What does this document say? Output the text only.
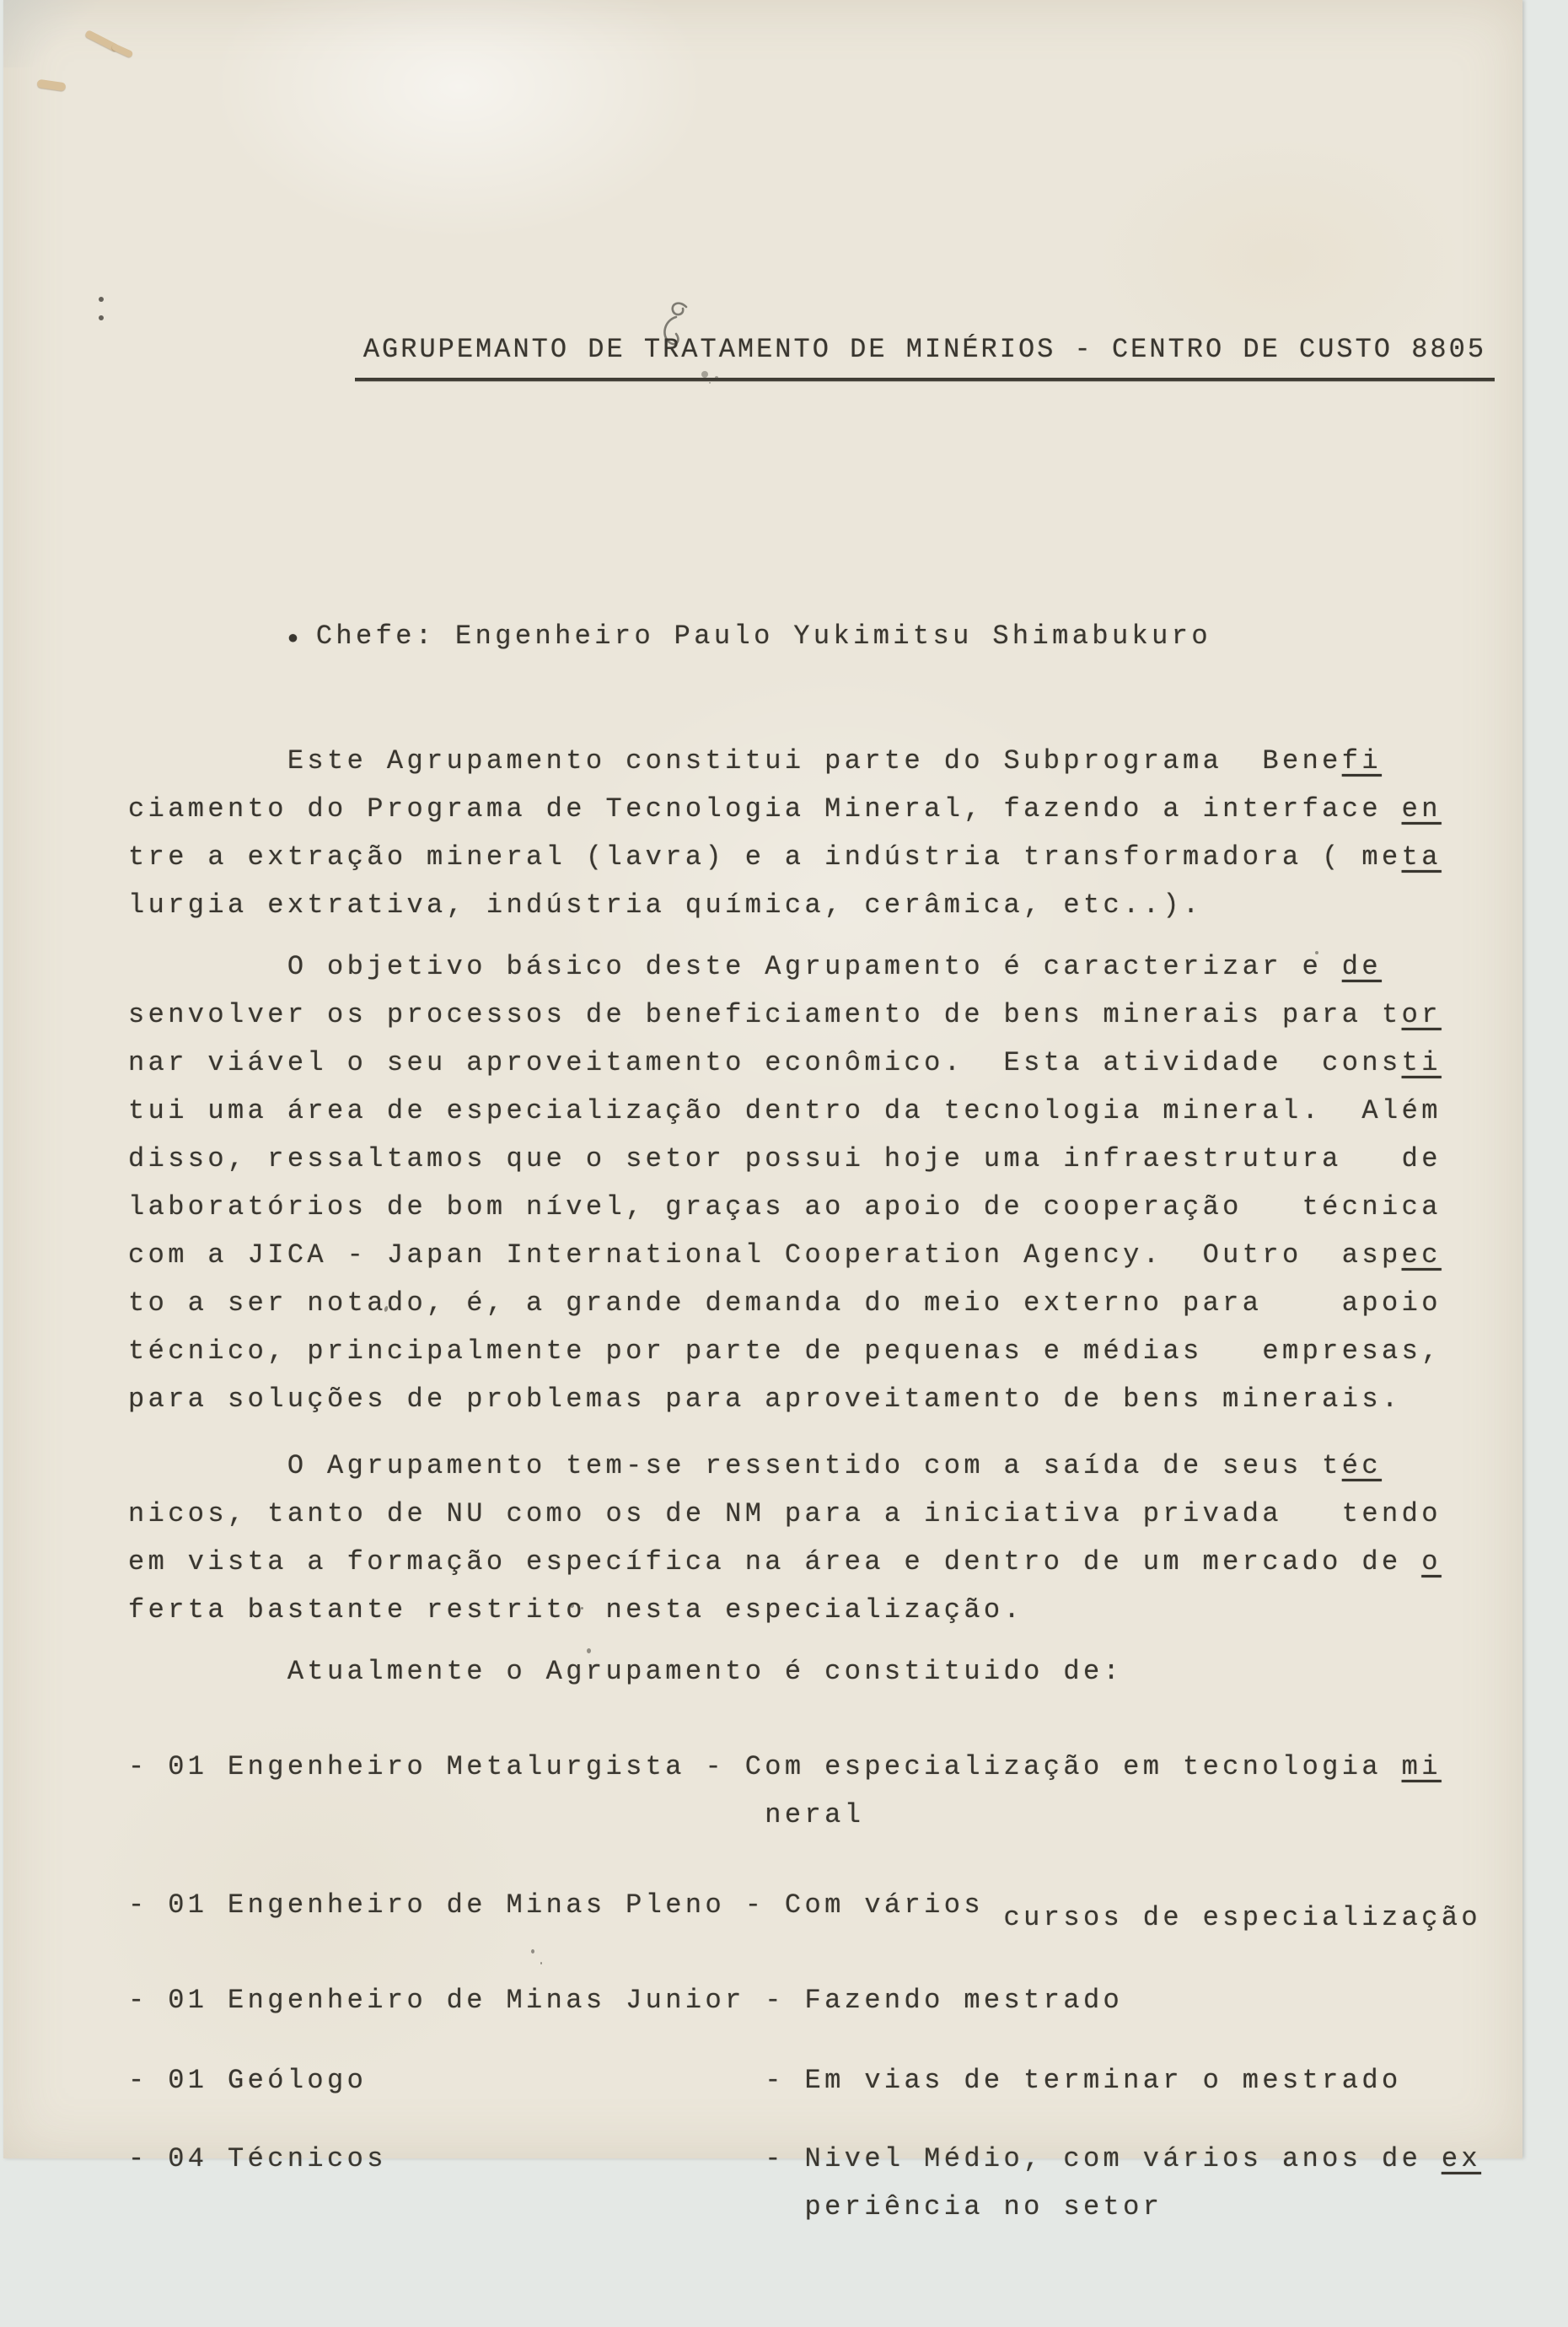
AGRUPEMANTO DE TRATAMENTO DE MINÉRIOS - CENTRO DE CUSTO 8805

● Chefe: Engenheiro Paulo Yukimitsu Shimabukuro

Este Agrupamento constitui parte do Subprograma  Benefi
ciamento do Programa de Tecnologia Mineral, fazendo a interface en
tre a extração mineral (lavra) e a indústria transformadora ( meta
lurgia extrativa, indústria química, cerâmica, etc..).
O objetivo básico deste Agrupamento é caracterizar e de
senvolver os processos de beneficiamento de bens minerais para tor
nar viável o seu aproveitamento econômico.  Esta atividade  consti
tui uma área de especialização dentro da tecnologia mineral.  Além
disso, ressaltamos que o setor possui hoje uma infraestrutura   de
laboratórios de bom nível, graças ao apoio de cooperação   técnica
com a JICA - Japan International Cooperation Agency.  Outro  aspec
to a ser notado, é, a grande demanda do meio externo para    apoio
técnico, principalmente por parte de pequenas e médias   empresas,
para soluções de problemas para aproveitamento de bens minerais.
O Agrupamento tem-se ressentido com a saída de seus téc
nicos, tanto de NU como os de NM para a iniciativa privada   tendo
em vista a formação específica na área e dentro de um mercado de o
ferta bastante restrito nesta especialização.
Atualmente o Agrupamento é constituido de:
- 01 Engenheiro Metalurgista - Com especialização em tecnologia mi
neral
- 01 Engenheiro de Minas Pleno - Com vários cursos de especialização
- 01 Engenheiro de Minas Junior - Fazendo mestrado
- 01 Geólogo                    - Em vias de terminar o mestrado
- 04 Técnicos                   - Nivel Médio, com vários anos de ex
periência no setor
